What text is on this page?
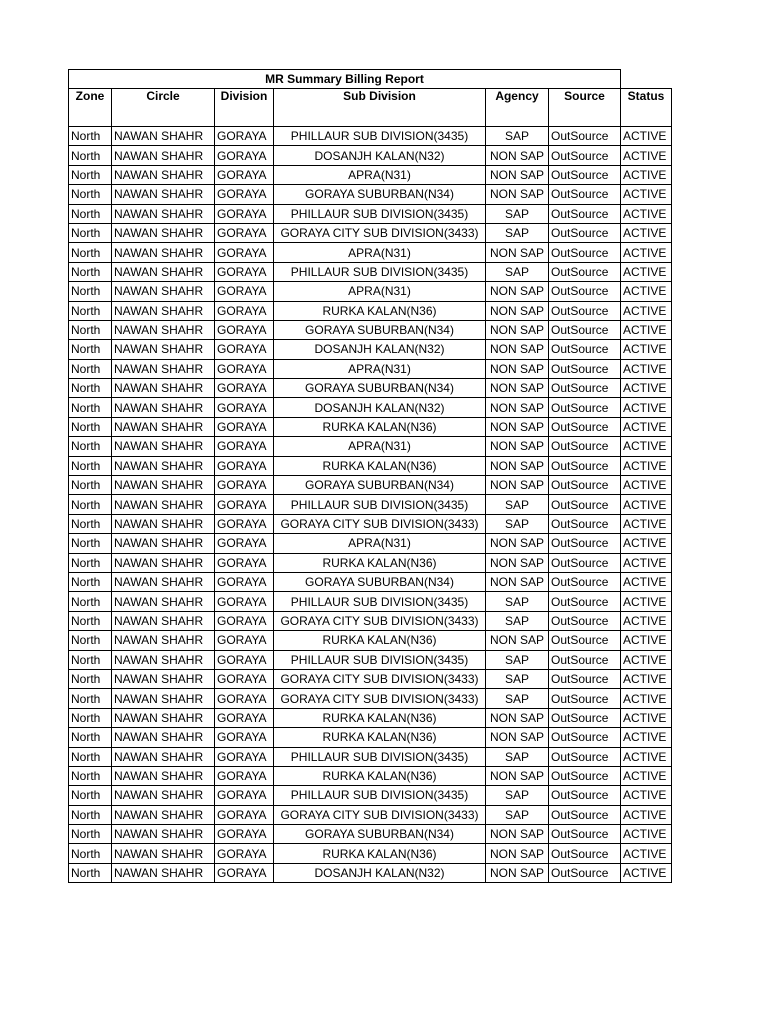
MR Summary Billing Report						
Zone	Circle	Division	Sub Division	Agency	Source	Status
North	NAWAN SHAHR	GORAYA	PHILLAUR SUB DIVISION(3435)	SAP	OutSource	ACTIVE
North	NAWAN SHAHR	GORAYA	DOSANJH KALAN(N32)	NON SAP	OutSource	ACTIVE
North	NAWAN SHAHR	GORAYA	APRA(N31)	NON SAP	OutSource	ACTIVE
North	NAWAN SHAHR	GORAYA	GORAYA SUBURBAN(N34)	NON SAP	OutSource	ACTIVE
North	NAWAN SHAHR	GORAYA	PHILLAUR SUB DIVISION(3435)	SAP	OutSource	ACTIVE
North	NAWAN SHAHR	GORAYA	GORAYA CITY SUB DIVISION(3433)	SAP	OutSource	ACTIVE
North	NAWAN SHAHR	GORAYA	APRA(N31)	NON SAP	OutSource	ACTIVE
North	NAWAN SHAHR	GORAYA	PHILLAUR SUB DIVISION(3435)	SAP	OutSource	ACTIVE
North	NAWAN SHAHR	GORAYA	APRA(N31)	NON SAP	OutSource	ACTIVE
North	NAWAN SHAHR	GORAYA	RURKA KALAN(N36)	NON SAP	OutSource	ACTIVE
North	NAWAN SHAHR	GORAYA	GORAYA SUBURBAN(N34)	NON SAP	OutSource	ACTIVE
North	NAWAN SHAHR	GORAYA	DOSANJH KALAN(N32)	NON SAP	OutSource	ACTIVE
North	NAWAN SHAHR	GORAYA	APRA(N31)	NON SAP	OutSource	ACTIVE
North	NAWAN SHAHR	GORAYA	GORAYA SUBURBAN(N34)	NON SAP	OutSource	ACTIVE
North	NAWAN SHAHR	GORAYA	DOSANJH KALAN(N32)	NON SAP	OutSource	ACTIVE
North	NAWAN SHAHR	GORAYA	RURKA KALAN(N36)	NON SAP	OutSource	ACTIVE
North	NAWAN SHAHR	GORAYA	APRA(N31)	NON SAP	OutSource	ACTIVE
North	NAWAN SHAHR	GORAYA	RURKA KALAN(N36)	NON SAP	OutSource	ACTIVE
North	NAWAN SHAHR	GORAYA	GORAYA SUBURBAN(N34)	NON SAP	OutSource	ACTIVE
North	NAWAN SHAHR	GORAYA	PHILLAUR SUB DIVISION(3435)	SAP	OutSource	ACTIVE
North	NAWAN SHAHR	GORAYA	GORAYA CITY SUB DIVISION(3433)	SAP	OutSource	ACTIVE
North	NAWAN SHAHR	GORAYA	APRA(N31)	NON SAP	OutSource	ACTIVE
North	NAWAN SHAHR	GORAYA	RURKA KALAN(N36)	NON SAP	OutSource	ACTIVE
North	NAWAN SHAHR	GORAYA	GORAYA SUBURBAN(N34)	NON SAP	OutSource	ACTIVE
North	NAWAN SHAHR	GORAYA	PHILLAUR SUB DIVISION(3435)	SAP	OutSource	ACTIVE
North	NAWAN SHAHR	GORAYA	GORAYA CITY SUB DIVISION(3433)	SAP	OutSource	ACTIVE
North	NAWAN SHAHR	GORAYA	RURKA KALAN(N36)	NON SAP	OutSource	ACTIVE
North	NAWAN SHAHR	GORAYA	PHILLAUR SUB DIVISION(3435)	SAP	OutSource	ACTIVE
North	NAWAN SHAHR	GORAYA	GORAYA CITY SUB DIVISION(3433)	SAP	OutSource	ACTIVE
North	NAWAN SHAHR	GORAYA	GORAYA CITY SUB DIVISION(3433)	SAP	OutSource	ACTIVE
North	NAWAN SHAHR	GORAYA	RURKA KALAN(N36)	NON SAP	OutSource	ACTIVE
North	NAWAN SHAHR	GORAYA	RURKA KALAN(N36)	NON SAP	OutSource	ACTIVE
North	NAWAN SHAHR	GORAYA	PHILLAUR SUB DIVISION(3435)	SAP	OutSource	ACTIVE
North	NAWAN SHAHR	GORAYA	RURKA KALAN(N36)	NON SAP	OutSource	ACTIVE
North	NAWAN SHAHR	GORAYA	PHILLAUR SUB DIVISION(3435)	SAP	OutSource	ACTIVE
North	NAWAN SHAHR	GORAYA	GORAYA CITY SUB DIVISION(3433)	SAP	OutSource	ACTIVE
North	NAWAN SHAHR	GORAYA	GORAYA SUBURBAN(N34)	NON SAP	OutSource	ACTIVE
North	NAWAN SHAHR	GORAYA	RURKA KALAN(N36)	NON SAP	OutSource	ACTIVE
North	NAWAN SHAHR	GORAYA	DOSANJH KALAN(N32)	NON SAP	OutSource	ACTIVE
